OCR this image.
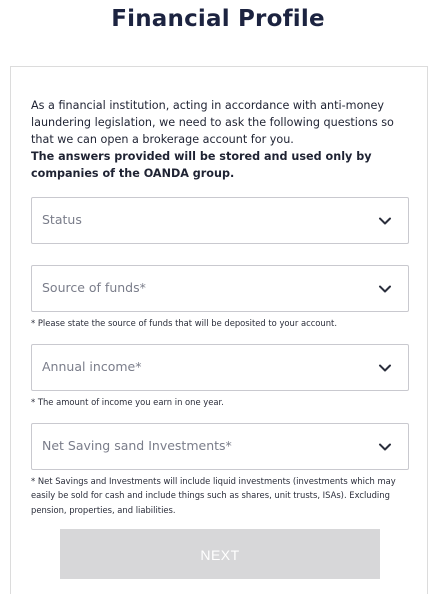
Financial Profile
As a financial institution, acting in accordance with anti-money laundering legislation, we need to ask the following questions so that we can open a brokerage account for you.
The answers provided will be stored and used only by companies of the OANDA group.
Status
Source of funds*
* Please state the source of funds that will be deposited to your account.
Annual income*
* The amount of income you earn in one year.
Net Saving sand Investments*
* Net Savings and Investments will include liquid investments (investments which may easily be sold for cash and include things such as shares, unit trusts, ISAs). Excluding pension, properties, and liabilities.
NEXT
